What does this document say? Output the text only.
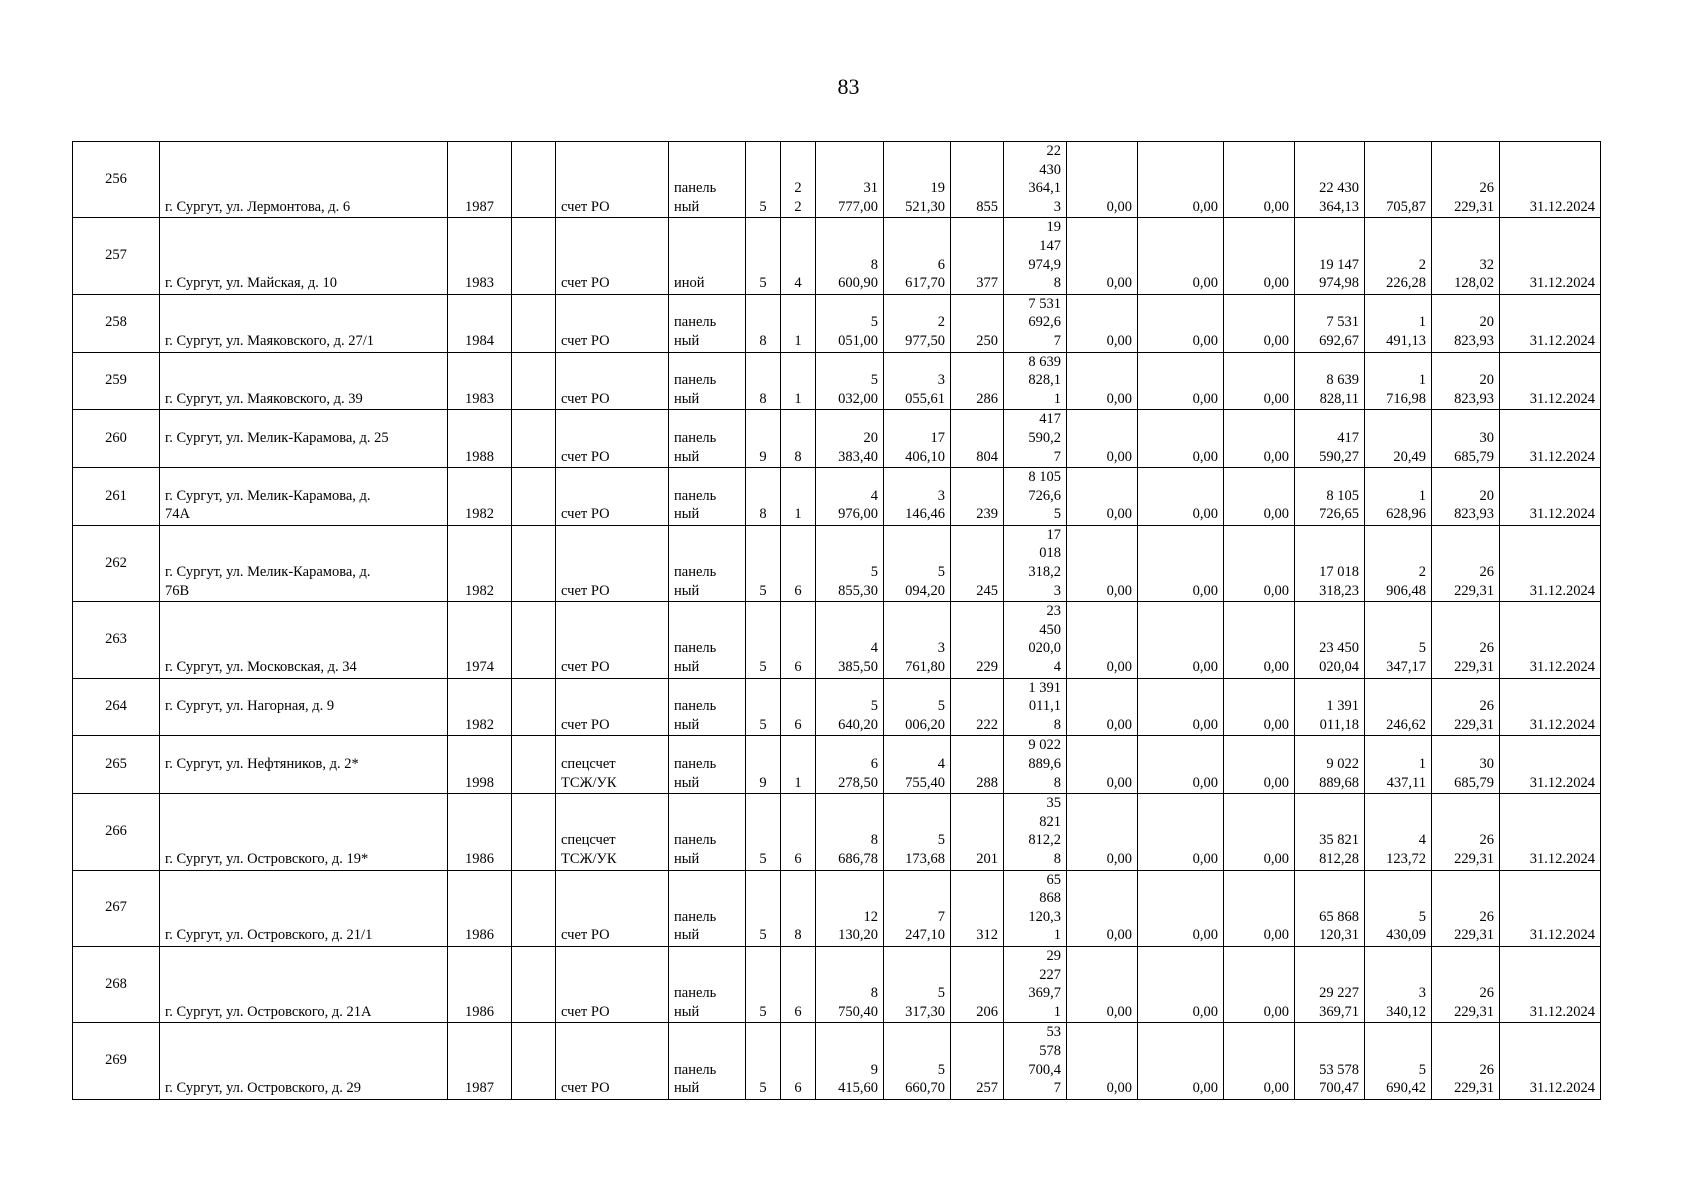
83
256	г. Сургут, ул. Лермонтова, д. 6	1987		счет РО	панель
ный	5	2
2	31
777,00	19
521,30	855	22
430
364,1
3	0,00	0,00	0,00	22 430
364,13	705,87	26
229,31	31.12.2024
257	г. Сургут, ул. Майская, д. 10	1983		счет РО	иной	5	4	8
600,90	6
617,70	377	19
147
974,9
8	0,00	0,00	0,00	19 147
974,98	2
226,28	32
128,02	31.12.2024
258	г. Сургут, ул. Маяковского, д. 27/1	1984		счет РО	панель
ный	8	1	5
051,00	2
977,50	250	7 531
692,6
7	0,00	0,00	0,00	7 531
692,67	1
491,13	20
823,93	31.12.2024
259	г. Сургут, ул. Маяковского, д. 39	1983		счет РО	панель
ный	8	1	5
032,00	3
055,61	286	8 639
828,1
1	0,00	0,00	0,00	8 639
828,11	1
716,98	20
823,93	31.12.2024
260	г. Сургут, ул. Мелик-Карамова, д. 25	1988		счет РО	панель
ный	9	8	20
383,40	17
406,10	804	417
590,2
7	0,00	0,00	0,00	417
590,27	20,49	30
685,79	31.12.2024
261	г. Сургут, ул. Мелик-Карамова, д.
74А	1982		счет РО	панель
ный	8	1	4
976,00	3
146,46	239	8 105
726,6
5	0,00	0,00	0,00	8 105
726,65	1
628,96	20
823,93	31.12.2024
262	г. Сургут, ул. Мелик-Карамова, д.
76В	1982		счет РО	панель
ный	5	6	5
855,30	5
094,20	245	17
018
318,2
3	0,00	0,00	0,00	17 018
318,23	2
906,48	26
229,31	31.12.2024
263	г. Сургут, ул. Московская, д. 34	1974		счет РО	панель
ный	5	6	4
385,50	3
761,80	229	23
450
020,0
4	0,00	0,00	0,00	23 450
020,04	5
347,17	26
229,31	31.12.2024
264	г. Сургут, ул. Нагорная, д. 9	1982		счет РО	панель
ный	5	6	5
640,20	5
006,20	222	1 391
011,1
8	0,00	0,00	0,00	1 391
011,18	246,62	26
229,31	31.12.2024
265	г. Сургут, ул. Нефтяников, д. 2*	1998		спецсчет
ТСЖ/УК	панель
ный	9	1	6
278,50	4
755,40	288	9 022
889,6
8	0,00	0,00	0,00	9 022
889,68	1
437,11	30
685,79	31.12.2024
266	г. Сургут, ул. Островского, д. 19*	1986		спецсчет
ТСЖ/УК	панель
ный	5	6	8
686,78	5
173,68	201	35
821
812,2
8	0,00	0,00	0,00	35 821
812,28	4
123,72	26
229,31	31.12.2024
267	г. Сургут, ул. Островского, д. 21/1	1986		счет РО	панель
ный	5	8	12
130,20	7
247,10	312	65
868
120,3
1	0,00	0,00	0,00	65 868
120,31	5
430,09	26
229,31	31.12.2024
268	г. Сургут, ул. Островского, д. 21А	1986		счет РО	панель
ный	5	6	8
750,40	5
317,30	206	29
227
369,7
1	0,00	0,00	0,00	29 227
369,71	3
340,12	26
229,31	31.12.2024
269	г. Сургут, ул. Островского, д. 29	1987		счет РО	панель
ный	5	6	9
415,60	5
660,70	257	53
578
700,4
7	0,00	0,00	0,00	53 578
700,47	5
690,42	26
229,31	31.12.2024
